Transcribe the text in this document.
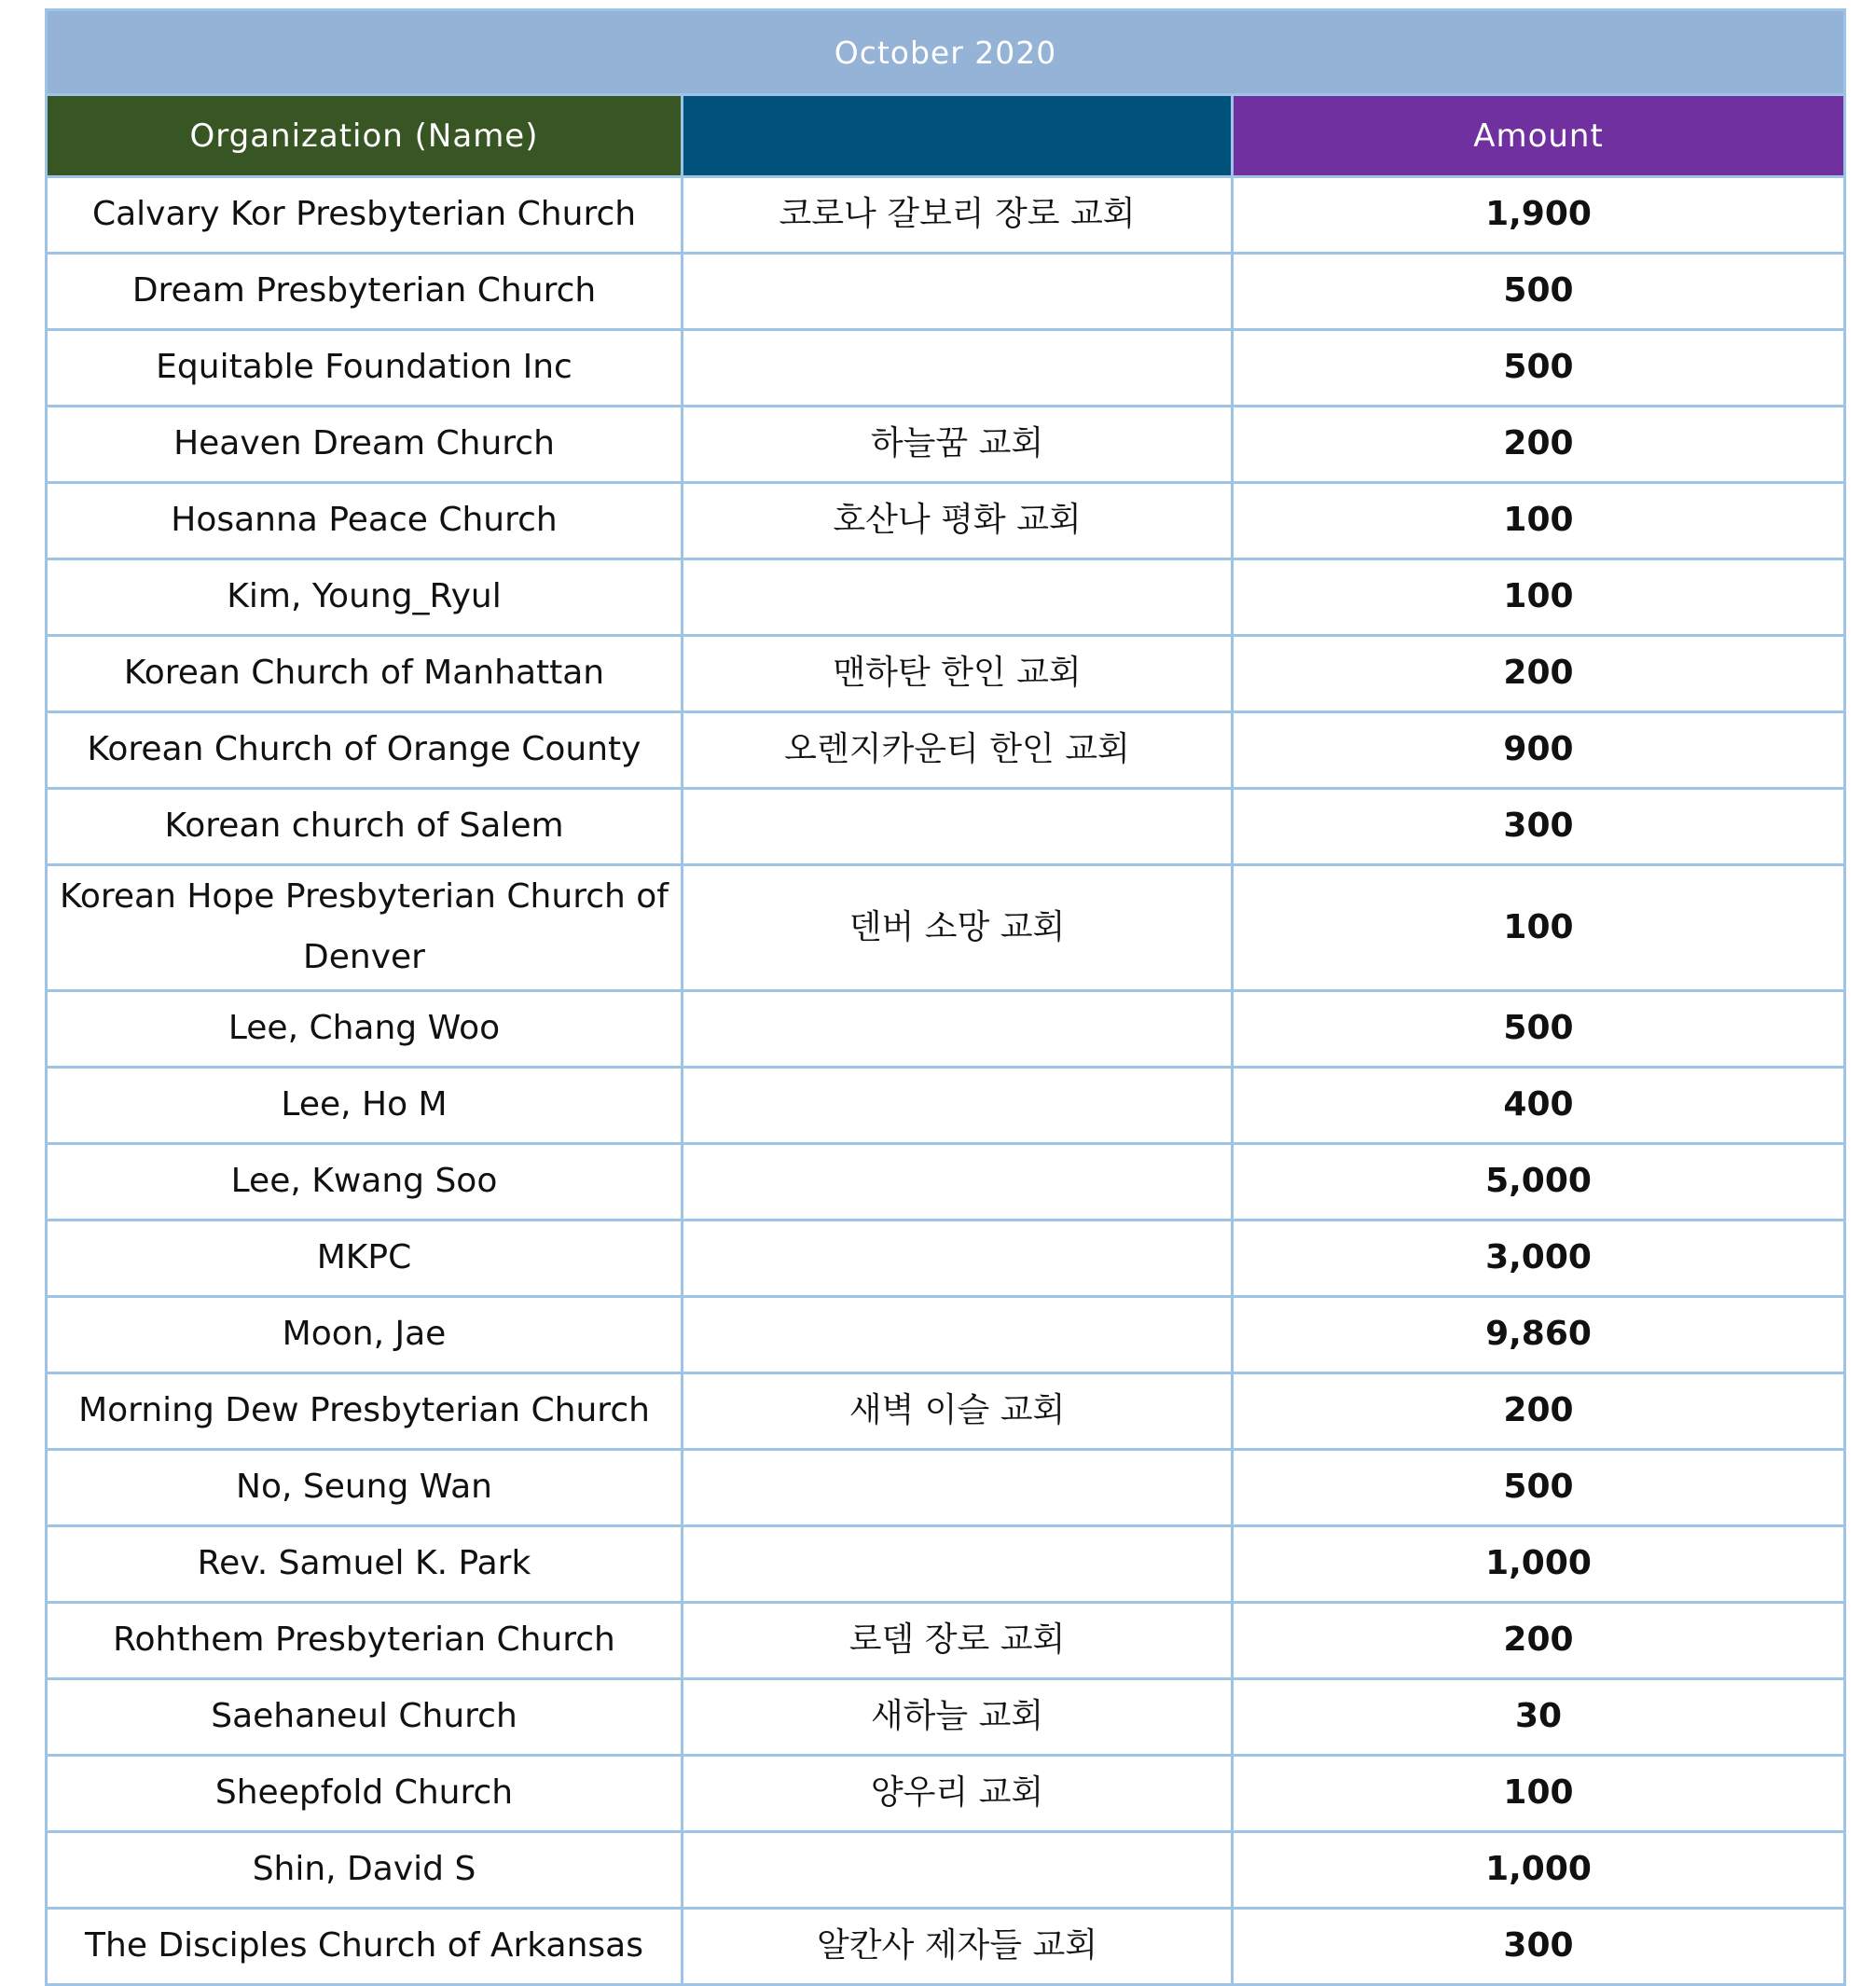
October 2020		
Organization (Name)		Amount
Calvary Kor Presbyterian Church	코로나 갈보리 장로 교회	1,900
Dream Presbyterian Church		500
Equitable Foundation Inc		500
Heaven Dream Church	하늘꿈 교회	200
Hosanna Peace Church	호산나 평화 교회	100
Kim, Young_Ryul		100
Korean Church of Manhattan	맨하탄 한인 교회	200
Korean Church of Orange County	오렌지카운티 한인 교회	900
Korean church of Salem		300
Korean Hope Presbyterian Church of Denver	덴버 소망 교회	100
Lee, Chang Woo		500
Lee, Ho M		400
Lee, Kwang Soo		5,000
MKPC		3,000
Moon, Jae		9,860
Morning Dew Presbyterian Church	새벽 이슬 교회	200
No, Seung Wan		500
Rev. Samuel K. Park		1,000
Rohthem Presbyterian Church	로뎀 장로 교회	200
Saehaneul Church	새하늘 교회	30
Sheepfold Church	양우리 교회	100
Shin, David S		1,000
The Disciples Church of Arkansas	알칸사 제자들 교회	300
